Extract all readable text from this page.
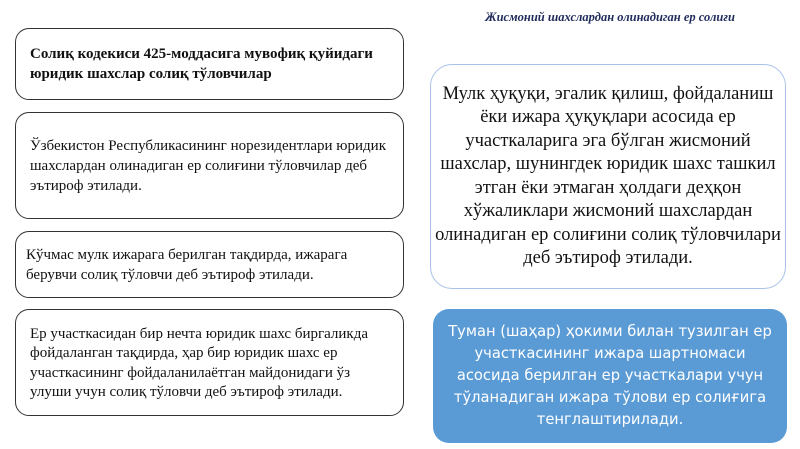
Жисмоний шахслардан олинадиган ер солиғи
Солиқ кодекиси 425-моддасига мувофиқ қуйидаги юридик шахслар солиқ тўловчилар
Ўзбекистон Республикасининг норезидентлари юридик шахслардан олинадиган ер солиғини тўловчилар деб эътироф этилади.
Кўчмас мулк ижарага берилган тақдирда, ижарага берувчи солиқ тўловчи деб эътироф этилади.
Ер участкасидан бир нечта юридик шахс биргаликда фойдаланган тақдирда, ҳар бир юридик шахс ер участкасининг фойдаланилаётган майдонидаги ўз улуши учун солиқ тўловчи деб эътироф этилади.
Мулк ҳуқуқи, эгалик қилиш, фойдаланиш ёки ижара ҳуқуқлари асосида ер участкаларига эга бўлган жисмоний шахслар, шунингдек юридик шахс ташкил этган ёки этмаган ҳолдаги деҳқон хўжаликлари жисмоний шахслардан олинадиган ер солиғини солиқ тўловчилари деб эътироф этилади.
Туман (шаҳар) ҳокими билан тузилган ер участкасининг ижара шартномаси асосида берилган ер участкалари учун тўланадиган ижара тўлови ер солиғига тенглаштирилади.
